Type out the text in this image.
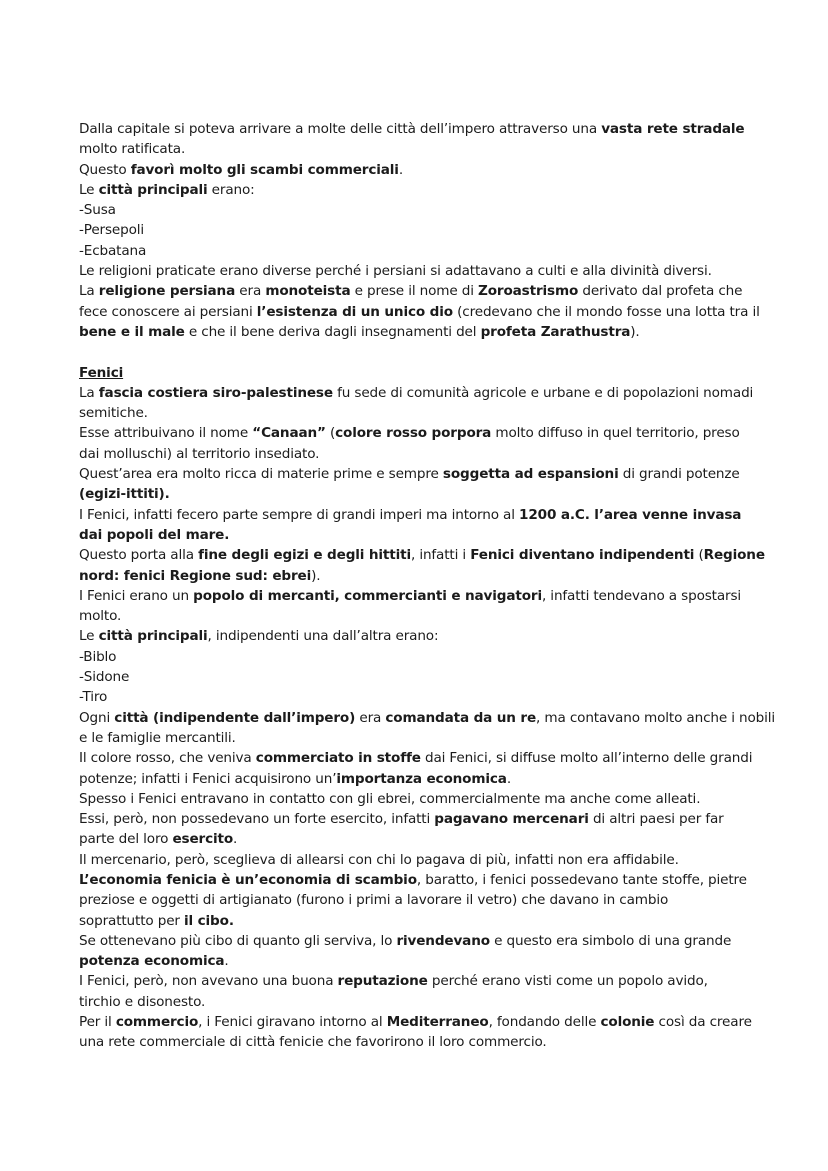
Dalla capitale si poteva arrivare a molte delle città dell’impero attraverso una vasta rete stradale

molto ratificata.

Questo favorì molto gli scambi commerciali.

Le città principali erano:

-Susa

-Persepoli

-Ecbatana

Le religioni praticate erano diverse perché i persiani si adattavano a culti e alla divinità diversi.

La religione persiana era monoteista e prese il nome di Zoroastrismo derivato dal profeta che

fece conoscere ai persiani l’esistenza di un unico dio (credevano che il mondo fosse una lotta tra il

bene e il male e che il bene deriva dagli insegnamenti del profeta Zarathustra).

Fenici

La fascia costiera siro-palestinese fu sede di comunità agricole e urbane e di popolazioni nomadi

semitiche.

Esse attribuivano il nome “Canaan” (colore rosso porpora molto diffuso in quel territorio, preso

dai molluschi) al territorio insediato.

Quest’area era molto ricca di materie prime e sempre soggetta ad espansioni di grandi potenze

(egizi-ittiti).

I Fenici, infatti fecero parte sempre di grandi imperi ma intorno al 1200 a.C. l’area venne invasa

dai popoli del mare.

Questo porta alla fine degli egizi e degli hittiti, infatti i Fenici diventano indipendenti (Regione

nord: fenici Regione sud: ebrei).

I Fenici erano un popolo di mercanti, commercianti e navigatori, infatti tendevano a spostarsi

molto.

Le città principali, indipendenti una dall’altra erano:

-Biblo

-Sidone

-Tiro

Ogni città (indipendente dall’impero) era comandata da un re, ma contavano molto anche i nobili

e le famiglie mercantili.

Il colore rosso, che veniva commerciato in stoffe dai Fenici, si diffuse molto all’interno delle grandi

potenze; infatti i Fenici acquisirono un’importanza economica.

Spesso i Fenici entravano in contatto con gli ebrei, commercialmente ma anche come alleati.

Essi, però, non possedevano un forte esercito, infatti pagavano mercenari di altri paesi per far

parte del loro esercito.

Il mercenario, però, sceglieva di allearsi con chi lo pagava di più, infatti non era affidabile.

L’economia fenicia è un’economia di scambio, baratto, i fenici possedevano tante stoffe, pietre

preziose e oggetti di artigianato (furono i primi a lavorare il vetro) che davano in cambio

soprattutto per il cibo.

Se ottenevano più cibo di quanto gli serviva, lo rivendevano e questo era simbolo di una grande

potenza economica.

I Fenici, però, non avevano una buona reputazione perché erano visti come un popolo avido,

tirchio e disonesto.

Per il commercio, i Fenici giravano intorno al Mediterraneo, fondando delle colonie così da creare

una rete commerciale di città fenicie che favorirono il loro commercio.
